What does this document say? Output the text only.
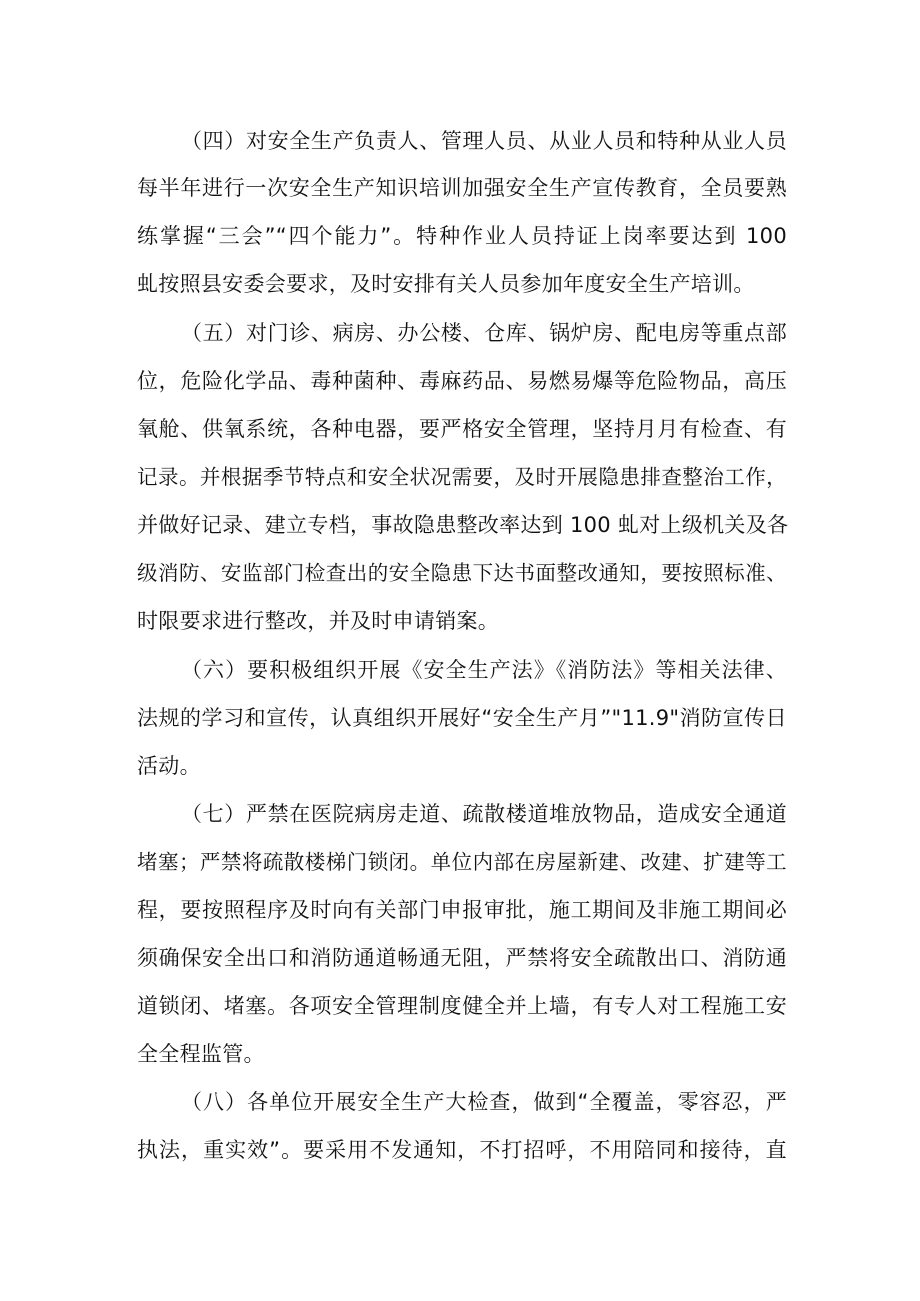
（四）对安全生产负责人、管理人员、从业人员和特种从业人员
每半年进行一次安全生产知识培训加强安全生产宣传教育，全员要熟
练掌握“三会”“四个能力”。特种作业人员持证上岗率要达到 100
虬按照县安委会要求，及时安排有关人员参加年度安全生产培训。
（五）对门诊、病房、办公楼、仓库、锅炉房、配电房等重点部
位，危险化学品、毒种菌种、毒麻药品、易燃易爆等危险物品，高压
氧舱、供氧系统，各种电器，要严格安全管理，坚持月月有检查、有
记录。并根据季节特点和安全状况需要，及时开展隐患排查整治工作，
并做好记录、建立专档，事故隐患整改率达到 100 虬对上级机关及各
级消防、安监部门检查出的安全隐患下达书面整改通知，要按照标准、
时限要求进行整改，并及时申请销案。
（六）要积极组织开展《安全生产法》《消防法》等相关法律、
法规的学习和宣传，认真组织开展好“安全生产月”"11.9"消防宣传日
活动。
（七）严禁在医院病房走道、疏散楼道堆放物品，造成安全通道
堵塞；严禁将疏散楼梯门锁闭。单位内部在房屋新建、改建、扩建等工
程，要按照程序及时向有关部门申报审批，施工期间及非施工期间必
须确保安全出口和消防通道畅通无阻，严禁将安全疏散出口、消防通
道锁闭、堵塞。各项安全管理制度健全并上墙，有专人对工程施工安
全全程监管。
（八）各单位开展安全生产大检查，做到“全覆盖，零容忍，严
执法，重实效”。要采用不发通知，不打招呼，不用陪同和接待，直
